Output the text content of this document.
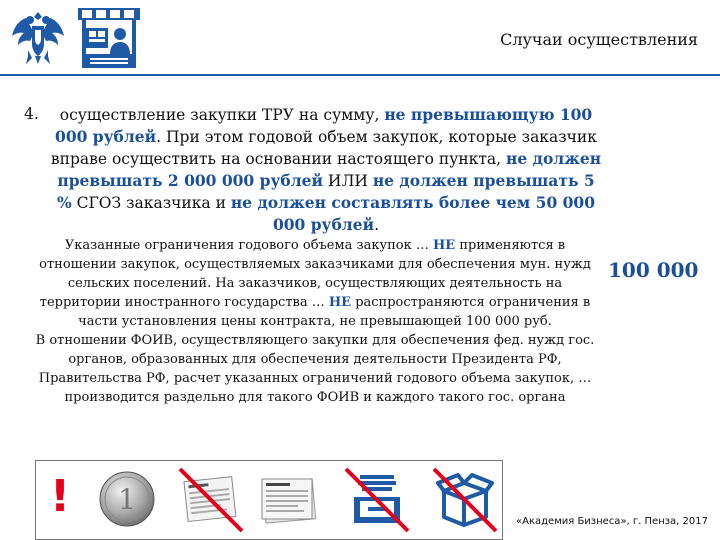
Случаи осуществления
4.	осуществление закупки ТРУ на сумму, не превышающую 100 000 рублей. При этом годовой объем закупок, которые заказчик вправе осуществить на основании настоящего пункта, не должен превышать 2 000 000 рублей ИЛИ не должен превышать 5 % СГОЗ заказчика и не должен составлять более чем 50 000 000 рублей.

Указанные ограничения годового объема закупок … НЕ применяются в отношении закупок, осуществляемых заказчиками для обеспечения мун. нужд сельских поселений. На заказчиков, осуществляющих деятельность на территории иностранного государства … НЕ распространяются ограничения в части установления цены контракта, не превышающей 100 000 руб.

В отношении ФОИВ, осуществляющего закупки для обеспечения фед. нужд гос. органов, образованных для обеспечения деятельности Президента РФ, Правительства РФ, расчет указанных ограничений годового объема закупок, … производится раздельно для такого ФОИВ и каждого такого гос. органа

100 000
! 1
«Академия Бизнеса», г. Пенза, 2017
